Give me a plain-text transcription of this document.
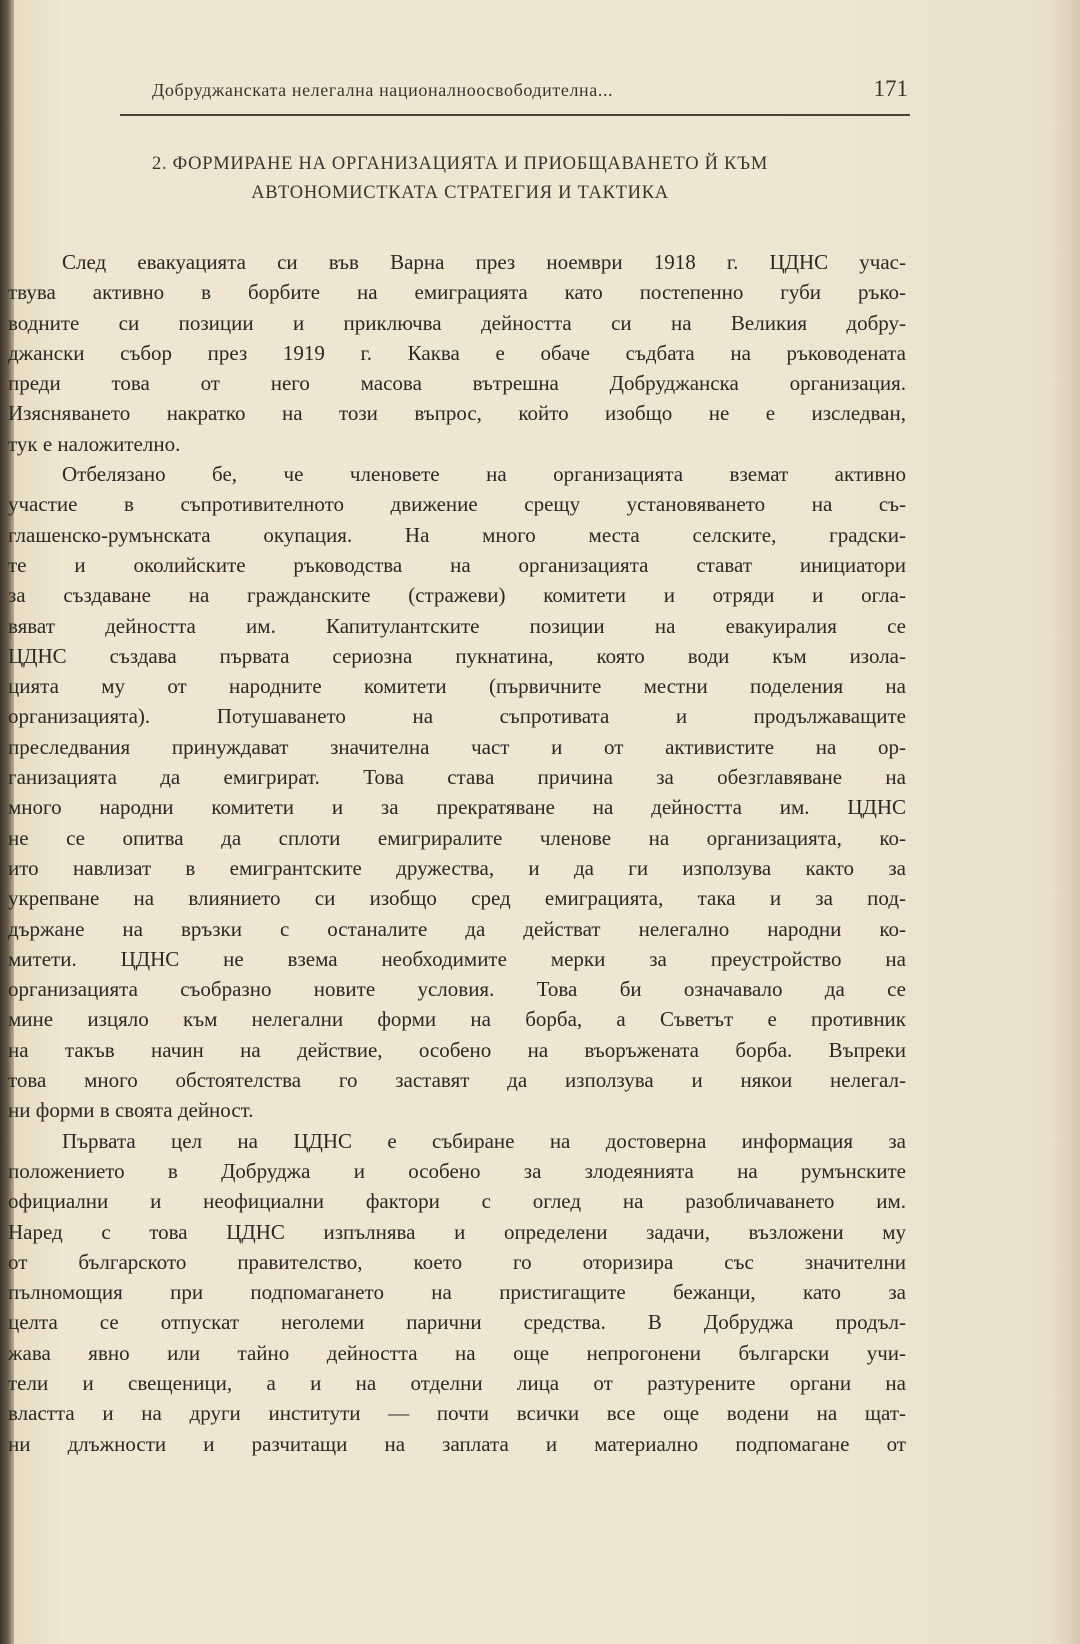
Добруджанската нелегална националноосвободителна...	171
2. ФОРМИРАНЕ НА ОРГАНИЗАЦИЯТА И ПРИОБЩАВАНЕТО Й КЪМ
АВТОНОМИСТКАТА СТРАТЕГИЯ И ТАКТИКА
След евакуацията си във Варна през ноември 1918 г. ЦДНС учас-
твува активно в борбите на емиграцията като постепенно губи ръко-
водните си позиции и приключва дейността си на Великия добру-
джански събор през 1919 г. Каква е обаче съдбата на ръководената
преди това от него масова вътрешна Добруджанска организация.
Изясняването накратко на този въпрос, който изобщо не е изследван,
тук е наложително.
Отбелязано бе, че членовете на организацията вземат активно
участие в съпротивителното движение срещу установяването на съ-
глашенско-румънската окупация. На много места селските, градски-
те и околийските ръководства на организацията стават инициатори
за създаване на гражданските (стражеви) комитети и отряди и огла-
вяват дейността им. Капитулантските позиции на евакуиралия се
ЦДНС създава първата сериозна пукнатина, която води към изола-
цията му от народните комитети (първичните местни поделения на
организацията). Потушаването на съпротивата и продължаващите
преследвания принуждават значителна част и от активистите на ор-
ганизацията да емигрират. Това става причина за обезглавяване на
много народни комитети и за прекратяване на дейността им. ЦДНС
не се опитва да сплоти емигриралите членове на организацията, ко-
ито навлизат в емигрантските дружества, и да ги използува както за
укрепване на влиянието си изобщо сред емиграцията, така и за под-
държане на връзки с останалите да действат нелегално народни ко-
митети. ЦДНС не взема необходимите мерки за преустройство на
организацията съобразно новите условия. Това би означавало да се
мине изцяло към нелегални форми на борба, а Съветът е противник
на такъв начин на действие, особено на въоръжената борба. Въпреки
това много обстоятелства го заставят да използува и някои нелегал-
ни форми в своята дейност.
Първата цел на ЦДНС е събиране на достоверна информация за
положението в Добруджа и особено за злодеянията на румънските
официални и неофициални фактори с оглед на разобличаването им.
Наред с това ЦДНС изпълнява и определени задачи, възложени му
от българското правителство, което го оторизира със значителни
пълномощия при подпомагането на пристигащите бежанци, като за
целта се отпускат неголеми парични средства. В Добруджа продъл-
жава явно или тайно дейността на още непрогонени български учи-
тели и свещеници, а и на отделни лица от разтурените органи на
властта и на други институти — почти всички все още водени на щат-
ни длъжности и разчитащи на заплата и материално подпомагане от
